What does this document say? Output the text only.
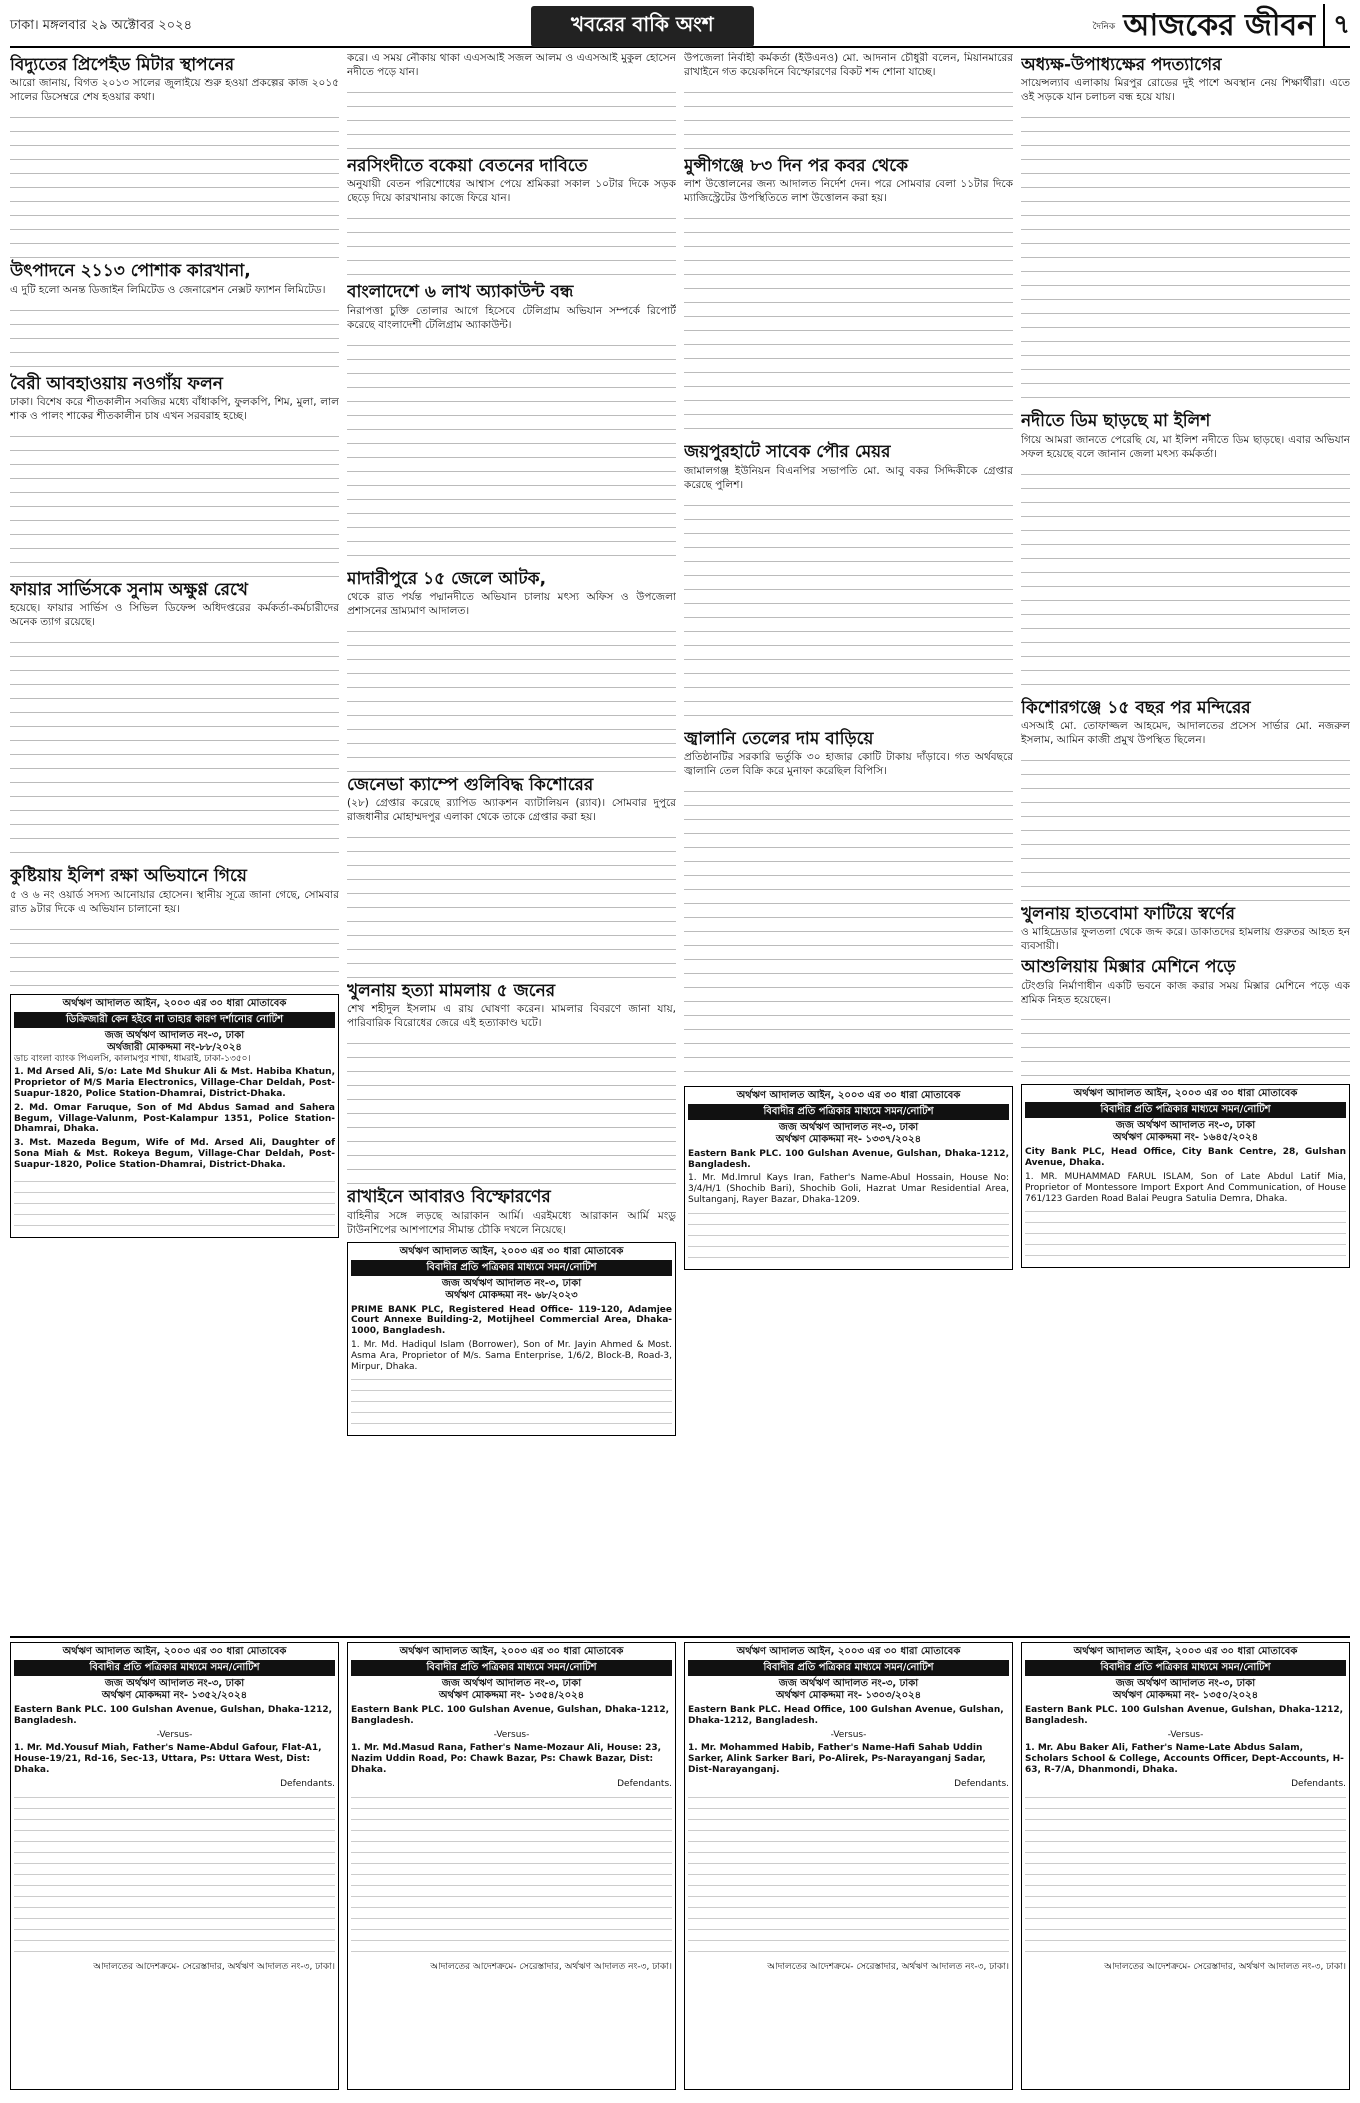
ঢাকা। মঙ্গলবার ২৯ অক্টোবর ২০২৪	খবরের বাকি অংশ	দৈনিক আজকের জীবন ৭
বিদ্যুতের প্রিপেইড মিটার স্থাপনের

আরো জানায়, বিগত ২০১৩ সালের জুলাইয়ে শুরু হওয়া প্রকল্পের কাজ ২০১৫ সালের ডিসেম্বরে শেষ হওয়ার কথা।

উৎপাদনে ২১১৩ পোশাক কারখানা,

এ দুটি হলো অনন্ত ডিজাইন লিমিটেড ও জেনারেশন নেক্সট ফ্যাশন লিমিটেড।

বৈরী আবহাওয়ায় নওগাঁয় ফলন

ঢাকা। বিশেষ করে শীতকালীন সবজির মধ্যে বাঁধাকপি, ফুলকপি, শিম, মুলা, লাল শাক ও পালং শাকের শীতকালীন চাষ এখন সরবরাহ হচ্ছে।

ফায়ার সার্ভিসকে সুনাম অক্ষুণ্ণ রেখে

হয়েছে। ফায়ার সার্ভিস ও সিভিল ডিফেন্স অধিদপ্তরের কর্মকর্তা-কর্মচারীদের অনেক ত্যাগ রয়েছে।

কুষ্টিয়ায় ইলিশ রক্ষা অভিযানে গিয়ে

৫ ও ৬ নং ওয়ার্ড সদস্য আনোয়ার হোসেন। স্থানীয় সূত্রে জানা গেছে, সোমবার রাত ৯টার দিকে এ অভিযান চালানো হয়।

অর্থঋণ আদালত আইন, ২০০৩ এর ৩০ ধারা মোতাবেক
ডিক্রিজারী কেন হইবে না তাহার কারণ দর্শানোর নোটিশ
জজ অর্থঋণ আদালত নং-৩, ঢাকা
অর্থজারী মোকদ্দমা নং-৮৮/২০২৪
ডাচ বাংলা ব্যাংক পিএলসি, কালামপুর শাখা, ধামরাই, ঢাকা-১৩৫০।
1. Md Arsed Ali, S/o: Late Md Shukur Ali & Mst. Habiba Khatun, Proprietor of M/S Maria Electronics, Village-Char Deldah, Post-Suapur-1820, Police Station-Dhamrai, District-Dhaka.
2. Md. Omar Faruque, Son of Md Abdus Samad and Sahera Begum, Village-Valunm, Post-Kalampur 1351, Police Station-Dhamrai, Dhaka.
3. Mst. Mazeda Begum, Wife of Md. Arsed Ali, Daughter of Sona Miah & Mst. Rokeya Begum, Village-Char Deldah, Post-Suapur-1820, Police Station-Dhamrai, District-Dhaka.

করে। এ সময় নৌকায় থাকা এএসআই সজল আলম ও এএসআই মুকুল হোসেন নদীতে পড়ে যান।

নরসিংদীতে বকেয়া বেতনের দাবিতে

অনুযায়ী বেতন পরিশোধের আশ্বাস পেয়ে শ্রমিকরা সকাল ১০টার দিকে সড়ক ছেড়ে দিয়ে কারখানায় কাজে ফিরে যান।

বাংলাদেশে ৬ লাখ অ্যাকাউন্ট বন্ধ

নিরাপত্তা চুক্তি তোলার আগে হিসেবে টেলিগ্রাম অভিযান সম্পর্কে রিপোর্ট করেছে বাংলাদেশী টেলিগ্রাম অ্যাকাউন্ট।

মাদারীপুরে ১৫ জেলে আটক,

থেকে রাত পর্যন্ত পদ্মানদীতে অভিযান চালায় মৎস্য অফিস ও উপজেলা প্রশাসনের ভ্রাম্যমাণ আদালত।

জেনেভা ক্যাম্পে গুলিবিদ্ধ কিশোরের

(২৮) গ্রেপ্তার করেছে র‍্যাপিড অ্যাকশন ব্যাটালিয়ন (র‍্যাব)। সোমবার দুপুরে রাজধানীর মোহাম্মদপুর এলাকা থেকে তাকে গ্রেপ্তার করা হয়।

খুলনায় হত্যা মামলায় ৫ জনের

শেখ শহীদুল ইসলাম এ রায় ঘোষণা করেন। মামলার বিবরণে জানা যায়, পারিবারিক বিরোধের জেরে এই হত্যাকাণ্ড ঘটে।

রাখাইনে আবারও বিস্ফোরণের

বাহিনীর সঙ্গে লড়ছে আরাকান আর্মি। এরইমধ্যে আরাকান আর্মি মংডু টাউনশিপের আশপাশের সীমান্ত চৌকি দখলে নিয়েছে।

অর্থঋণ আদালত আইন, ২০০৩ এর ৩০ ধারা মোতাবেক
বিবাদীর প্রতি পত্রিকার মাধ্যমে সমন/নোটিশ
জজ অর্থঋণ আদালত নং-৩, ঢাকা
অর্থঋণ মোকদ্দমা নং- ৬৮/২০২৩
PRIME BANK PLC, Registered Head Office- 119-120, Adamjee Court Annexe Building-2, Motijheel Commercial Area, Dhaka-1000, Bangladesh.
1. Mr. Md. Hadiqul Islam (Borrower), Son of Mr. Jayin Ahmed & Most. Asma Ara, Proprietor of M/s. Sama Enterprise, 1/6/2, Block-B, Road-3, Mirpur, Dhaka.

উপজেলা নির্বাহী কর্মকর্তা (ইউএনও) মো. আদনান চৌধুরী বলেন, মিয়ানমারের রাখাইনে গত কয়েকদিনে বিস্ফোরণের বিকট শব্দ শোনা যাচ্ছে।

মুন্সীগঞ্জে ৮৩ দিন পর কবর থেকে

লাশ উত্তোলনের জন্য আদালত নির্দেশ দেন। পরে সোমবার বেলা ১১টার দিকে ম্যাজিস্ট্রেটের উপস্থিতিতে লাশ উত্তোলন করা হয়।

জয়পুরহাটে সাবেক পৌর মেয়র

জামালগঞ্জ ইউনিয়ন বিএনপির সভাপতি মো. আবু বকর সিদ্দিকীকে গ্রেপ্তার করেছে পুলিশ।

জ্বালানি তেলের দাম বাড়িয়ে

প্রতিষ্ঠানটির সরকারি ভর্তুকি ৩০ হাজার কোটি টাকায় দাঁড়াবে। গত অর্থবছরে জ্বালানি তেল বিক্রি করে মুনাফা করেছিল বিপিসি।

অর্থঋণ আদালত আইন, ২০০৩ এর ৩০ ধারা মোতাবেক
বিবাদীর প্রতি পত্রিকার মাধ্যমে সমন/নোটিশ
জজ অর্থঋণ আদালত নং-৩, ঢাকা
অর্থঋণ মোকদ্দমা নং- ১৩৩৭/২০২৪
Eastern Bank PLC. 100 Gulshan Avenue, Gulshan, Dhaka-1212, Bangladesh.
1. Mr. Md.Imrul Kays Iran, Father's Name-Abul Hossain, House No: 3/4/H/1 (Shochib Bari), Shochib Goli, Hazrat Umar Residential Area, Sultanganj, Rayer Bazar, Dhaka-1209.
অধ্যক্ষ-উপাধ্যক্ষের পদত্যাগের

সায়েন্সল্যাব এলাকায় মিরপুর রোডের দুই পাশে অবস্থান নেয় শিক্ষার্থীরা। এতে ওই সড়কে যান চলাচল বন্ধ হয়ে যায়।

নদীতে ডিম ছাড়ছে মা ইলিশ

গিয়ে আমরা জানতে পেরেছি যে, মা ইলিশ নদীতে ডিম ছাড়ছে। এবার অভিযান সফল হয়েছে বলে জানান জেলা মৎস্য কর্মকর্তা।

কিশোরগঞ্জে ১৫ বছর পর মন্দিরের

এসআই মো. তোফাজ্জল আহমেদ, আদালতের প্রসেস সার্ভার মো. নজরুল ইসলাম, আমিন কাজী প্রমুখ উপস্থিত ছিলেন।

খুলনায় হাতবোমা ফাটিয়ে স্বর্ণের

ও মাহিদ্রেডার ফুলতলা থেকে জব্দ করে। ডাকাতদের হামলায় গুরুতর আহত হন ব্যবসায়ী।

আশুলিয়ায় মিক্সার মেশিনে পড়ে

টেংগুরি নির্মাণাধীন একটি ভবনে কাজ করার সময় মিক্সার মেশিনে পড়ে এক শ্রমিক নিহত হয়েছেন।

অর্থঋণ আদালত আইন, ২০০৩ এর ৩০ ধারা মোতাবেক
বিবাদীর প্রতি পত্রিকার মাধ্যমে সমন/নোটিশ
জজ অর্থঋণ আদালত নং-৩, ঢাকা
অর্থঋণ মোকদ্দমা নং- ১৬৪৫/২০২৪
City Bank PLC, Head Office, City Bank Centre, 28, Gulshan Avenue, Dhaka.
1. MR. MUHAMMAD FARUL ISLAM, Son of Late Abdul Latif Mia, Proprietor of Montessore Import Export And Communication, of House 761/123 Garden Road Balai Peugra Satulia Demra, Dhaka.
অর্থঋণ আদালত আইন, ২০০৩ এর ৩০ ধারা মোতাবেক
বিবাদীর প্রতি পত্রিকার মাধ্যমে সমন/নোটিশ
জজ অর্থঋণ আদালত নং-৩, ঢাকা
অর্থঋণ মোকদ্দমা নং- ১৩৫২/২০২৪
Eastern Bank PLC. 100 Gulshan Avenue, Gulshan, Dhaka-1212, Bangladesh.
-Versus-
1. Mr. Md.Yousuf Miah, Father's Name-Abdul Gafour, Flat-A1, House-19/21, Rd-16, Sec-13, Uttara, Ps: Uttara West, Dist: Dhaka.
Defendants.
আদালতের আদেশক্রমে- সেরেস্তাদার, অর্থঋণ আদালত নং-৩, ঢাকা।
অর্থঋণ আদালত আইন, ২০০৩ এর ৩০ ধারা মোতাবেক
বিবাদীর প্রতি পত্রিকার মাধ্যমে সমন/নোটিশ
জজ অর্থঋণ আদালত নং-৩, ঢাকা
অর্থঋণ মোকদ্দমা নং- ১৩৫৪/২০২৪
Eastern Bank PLC. 100 Gulshan Avenue, Gulshan, Dhaka-1212, Bangladesh.
-Versus-
1. Mr. Md.Masud Rana, Father's Name-Mozaur Ali, House: 23, Nazim Uddin Road, Po: Chawk Bazar, Ps: Chawk Bazar, Dist: Dhaka.
Defendants.
আদালতের আদেশক্রমে- সেরেস্তাদার, অর্থঋণ আদালত নং-৩, ঢাকা।
অর্থঋণ আদালত আইন, ২০০৩ এর ৩০ ধারা মোতাবেক
বিবাদীর প্রতি পত্রিকার মাধ্যমে সমন/নোটিশ
জজ অর্থঋণ আদালত নং-৩, ঢাকা
অর্থঋণ মোকদ্দমা নং- ১৩০৩/২০২৪
Eastern Bank PLC. Head Office, 100 Gulshan Avenue, Gulshan, Dhaka-1212, Bangladesh.
-Versus-
1. Mr. Mohammed Habib, Father's Name-Hafi Sahab Uddin Sarker, Alink Sarker Bari, Po-Alirek, Ps-Narayanganj Sadar, Dist-Narayanganj.
Defendants.
আদালতের আদেশক্রমে- সেরেস্তাদার, অর্থঋণ আদালত নং-৩, ঢাকা।
অর্থঋণ আদালত আইন, ২০০৩ এর ৩০ ধারা মোতাবেক
বিবাদীর প্রতি পত্রিকার মাধ্যমে সমন/নোটিশ
জজ অর্থঋণ আদালত নং-৩, ঢাকা
অর্থঋণ মোকদ্দমা নং- ১৩৫০/২০২৪
Eastern Bank PLC. 100 Gulshan Avenue, Gulshan, Dhaka-1212, Bangladesh.
-Versus-
1. Mr. Abu Baker Ali, Father's Name-Late Abdus Salam, Scholars School & College, Accounts Officer, Dept-Accounts, H-63, R-7/A, Dhanmondi, Dhaka.
Defendants.
আদালতের আদেশক্রমে- সেরেস্তাদার, অর্থঋণ আদালত নং-৩, ঢাকা।
